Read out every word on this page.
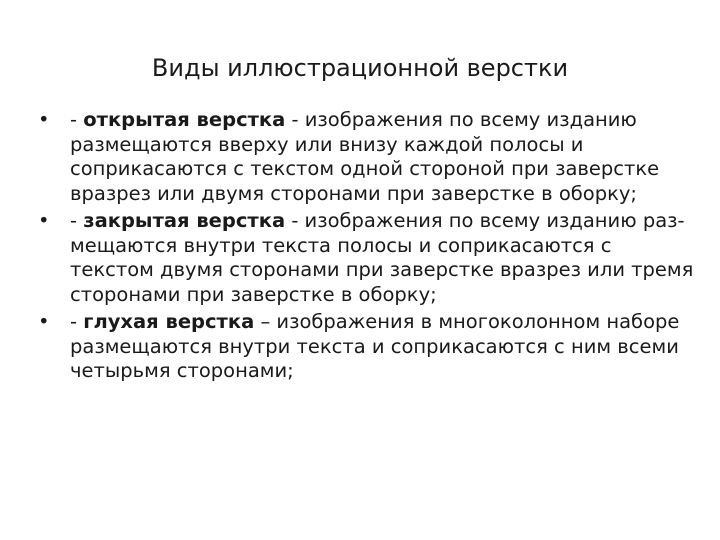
Виды иллюстрационной верстки
•	- открытая верстка - изображения по всему изданию размещаются вверху или внизу каждой полосы и соприкасаются с текстом одной стороной при заверстке вразрез или двумя сторонами при заверстке в оборку;
•	- закрытая верстка - изображения по всему изданию раз-мещаются внутри текста полосы и соприкасаются с текстом двумя сторонами при заверстке вразрез или тремя сторонами при заверстке в оборку;
•	- глухая верстка – изображения в многоколонном наборе размещаются внутри текста и соприкасаются с ним всеми четырьмя сторонами;
